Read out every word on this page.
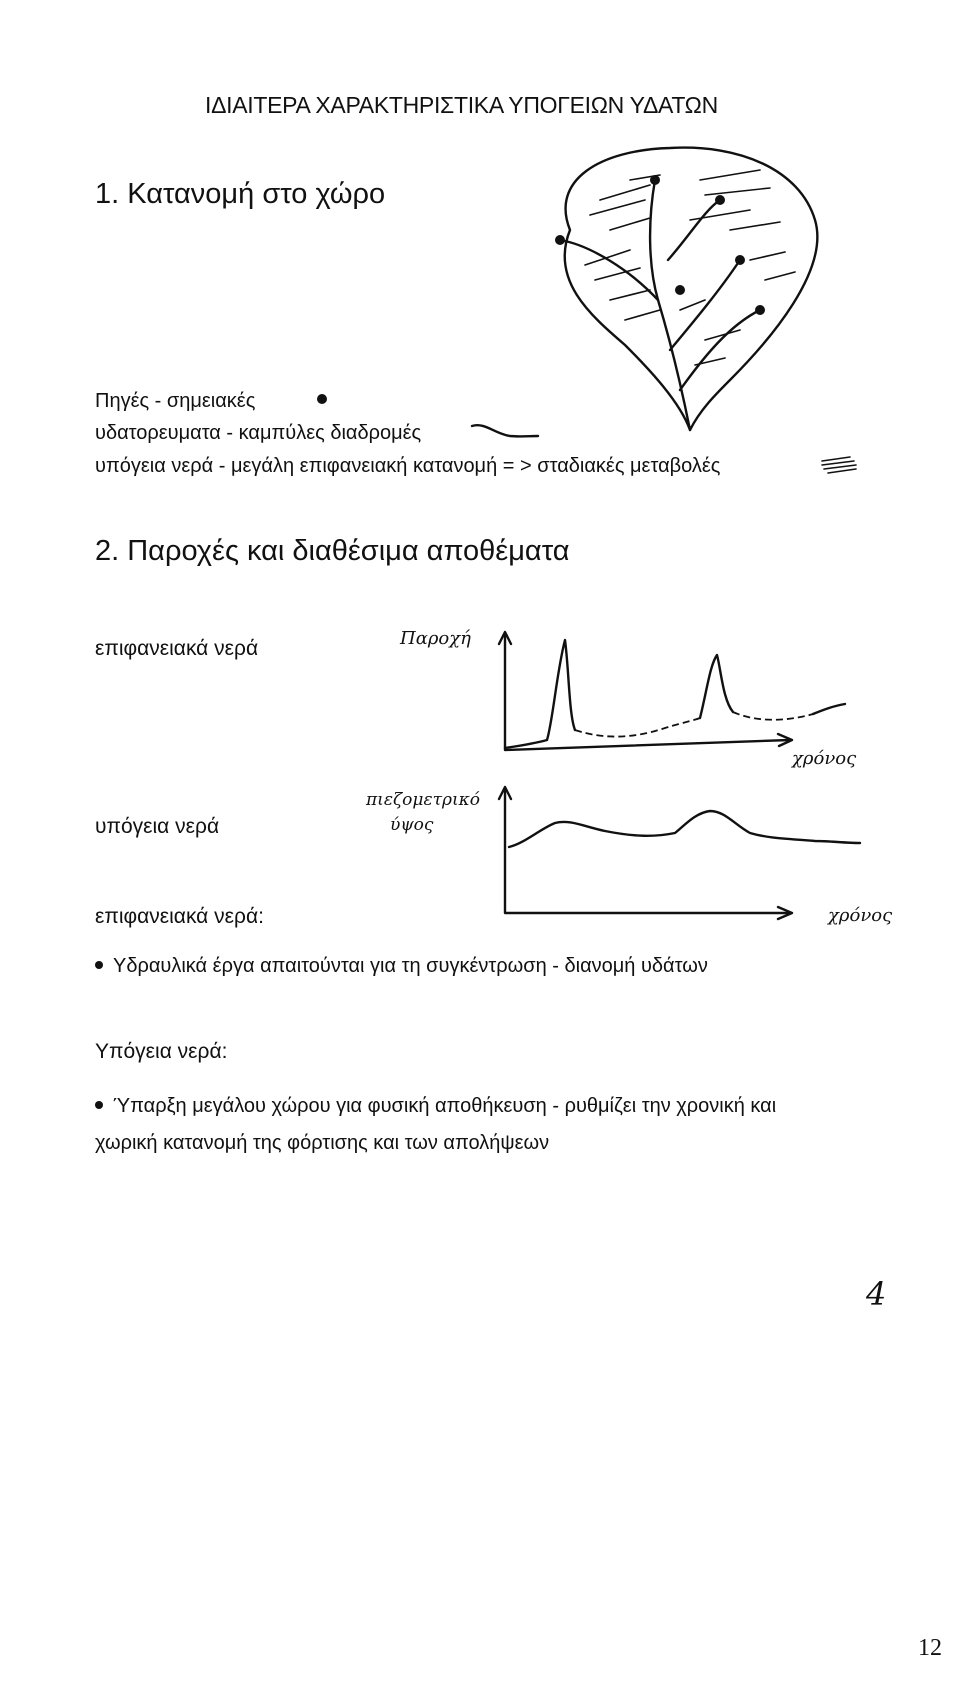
ΙΔΙΑΙΤΕΡΑ ΧΑΡΑΚΤΗΡΙΣΤΙΚΑ ΥΠΟΓΕΙΩΝ ΥΔΑΤΩΝ
1. Κατανομή στο χώρο
Πηγές - σημειακές
υδατορευματα - καμπύλες διαδρομές
υπόγεια νερά - μεγάλη επιφανειακή κατανομή = > σταδιακές μεταβολές
2. Παροχές και διαθέσιμα αποθέματα
επιφανειακά νερά
υπόγεια νερά
Παροχή
χρόνος
πιεζομετρικό
ύψος
χρόνος
επιφανειακά νερά:
Υδραυλικά έργα απαιτούνται για τη συγκέντρωση - διανομή υδάτων
Υπόγεια νερά:
Ύπαρξη μεγάλου χώρου για φυσική αποθήκευση - ρυθμίζει την χρονική και
χωρική κατανομή της φόρτισης και των απολήψεων
4
12
